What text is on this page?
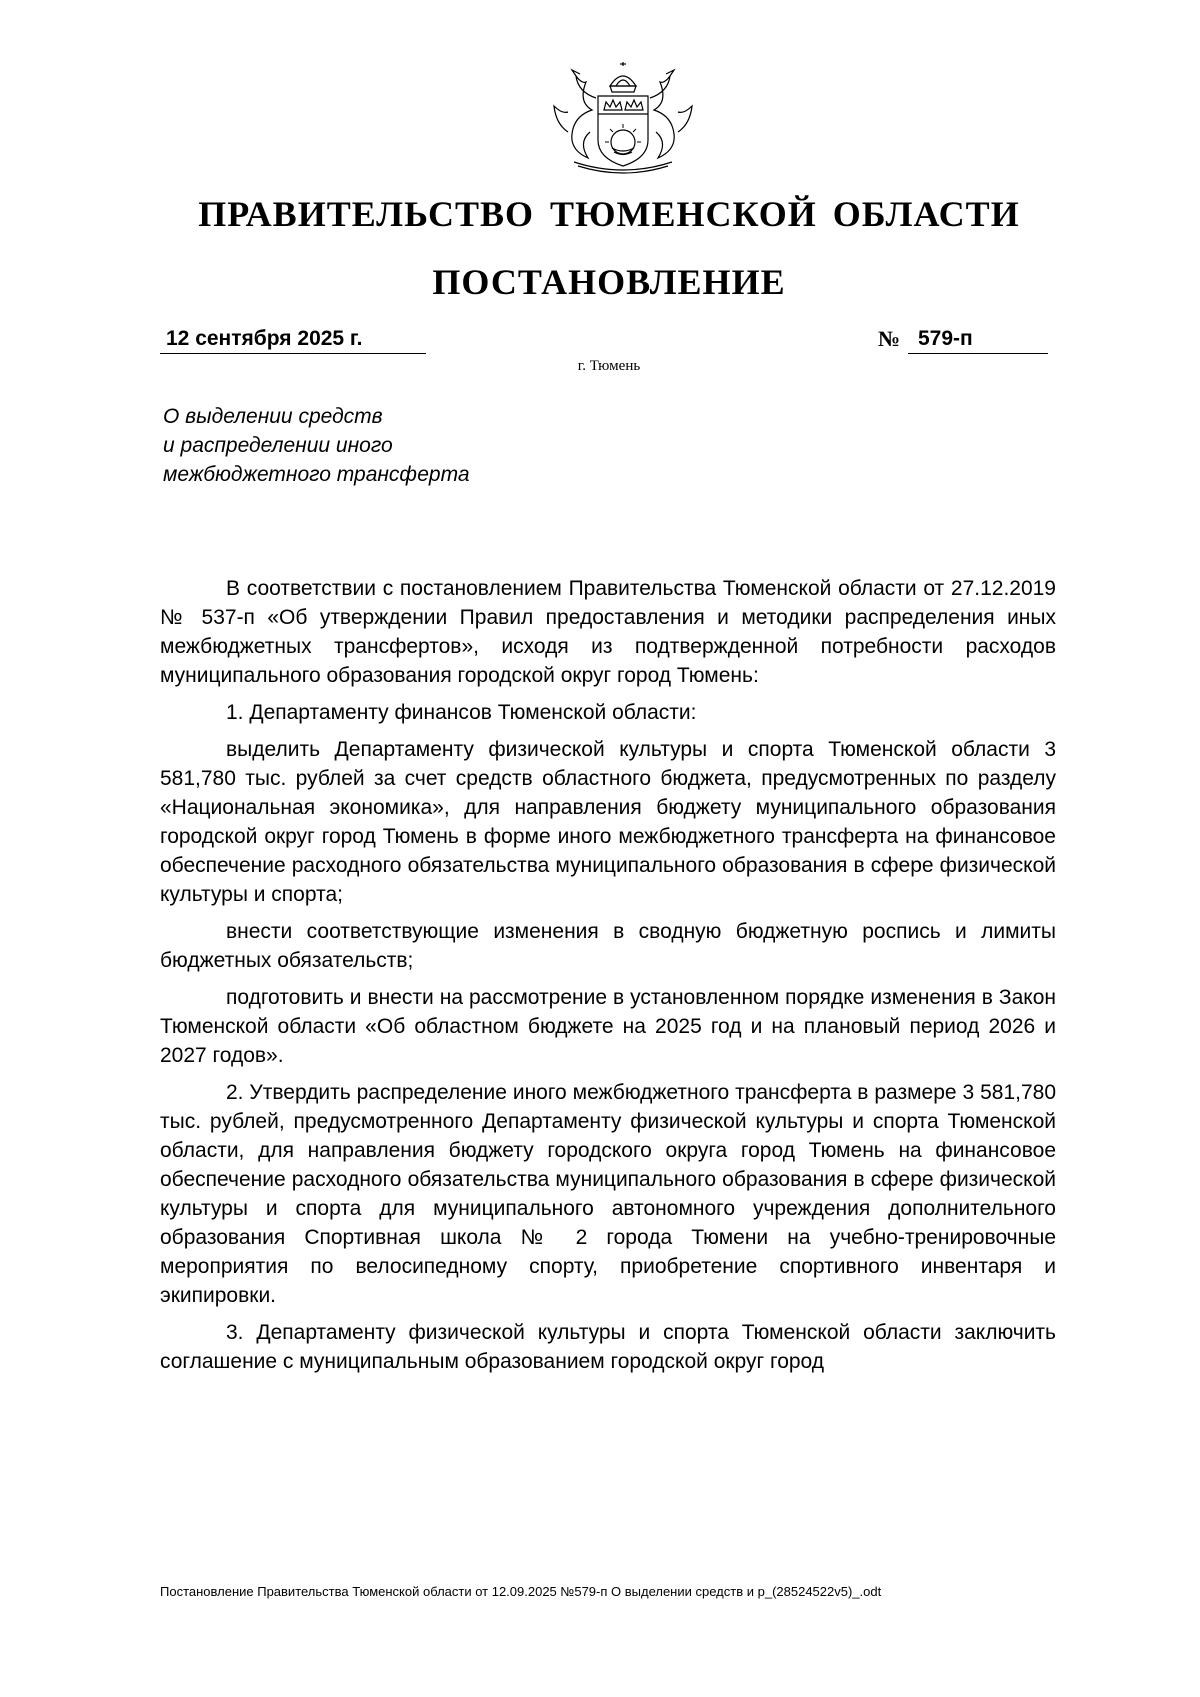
ПРАВИТЕЛЬСТВО ТЮМЕНСКОЙ ОБЛАСТИ
ПОСТАНОВЛЕНИЕ
12 сентября 2025 г.	№ 579-п
г. Тюмень
О выделении средств
и распределении иного
межбюджетного трансферта

В соответствии с постановлением Правительства Тюменской области от 27.12.2019 № 537-п «Об утверждении Правил предоставления и методики распределения иных межбюджетных трансфертов», исходя из подтвержденной потребности расходов муниципального образования городской округ город Тюмень:

1. Департаменту финансов Тюменской области:

выделить Департаменту физической культуры и спорта Тюменской области 3 581,780 тыс. рублей за счет средств областного бюджета, предусмотренных по разделу «Национальная экономика», для направления бюджету муниципального образования городской округ город Тюмень в форме иного межбюджетного трансферта на финансовое обеспечение расходного обязательства муниципального образования в сфере физической культуры и спорта;

внести соответствующие изменения в сводную бюджетную роспись и лимиты бюджетных обязательств;

подготовить и внести на рассмотрение в установленном порядке изменения в Закон Тюменской области «Об областном бюджете на 2025 год и на плановый период 2026 и 2027 годов».

2. Утвердить распределение иного межбюджетного трансферта в размере 3 581,780 тыс. рублей, предусмотренного Департаменту физической культуры и спорта Тюменской области, для направления бюджету городского округа город Тюмень на финансовое обеспечение расходного обязательства муниципального образования в сфере физической культуры и спорта для муниципального автономного учреждения дополнительного образования Спортивная школа № 2 города Тюмени на учебно-тренировочные мероприятия по велосипедному спорту, приобретение спортивного инвентаря и экипировки.

3. Департаменту физической культуры и спорта Тюменской области заключить соглашение с муниципальным образованием городской округ город

Постановление Правительства Тюменской области от 12.09.2025 №579-п О выделении средств и р_(28524522v5)_.odt
